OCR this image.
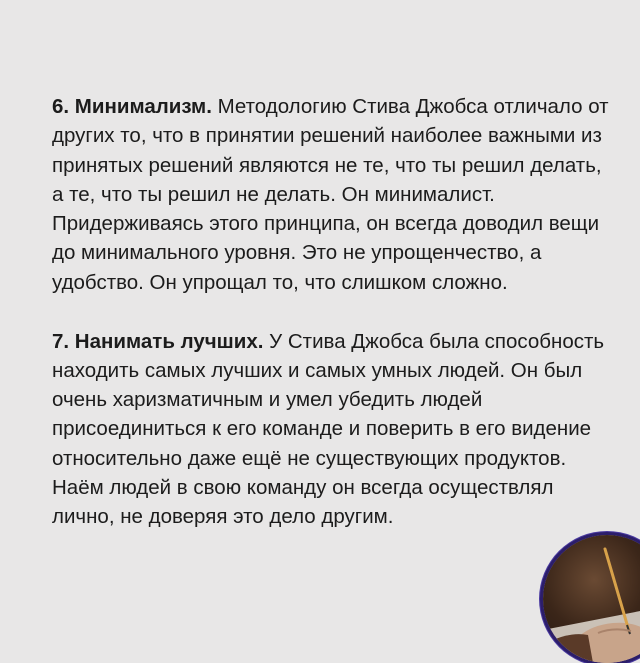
6. Минимализм. Методологию Стива Джобса отличало от других то, что в принятии решений наиболее важными из принятых решений являются не те, что ты решил делать, а те, что ты решил не делать. Он минималист. Придерживаясь этого принципа, он всегда доводил вещи до минимального уровня. Это не упрощенчество, а удобство. Он упрощал то, что слишком сложно.

7. Нанимать лучших. У Стива Джобса была способность находить самых лучших и самых умных людей. Он был очень харизматичным и умел убедить людей присоединиться к его команде и поверить в его видение относительно даже ещё не существующих продуктов. Наём людей в свою команду он всегда осуществлял лично, не доверяя это дело другим.
